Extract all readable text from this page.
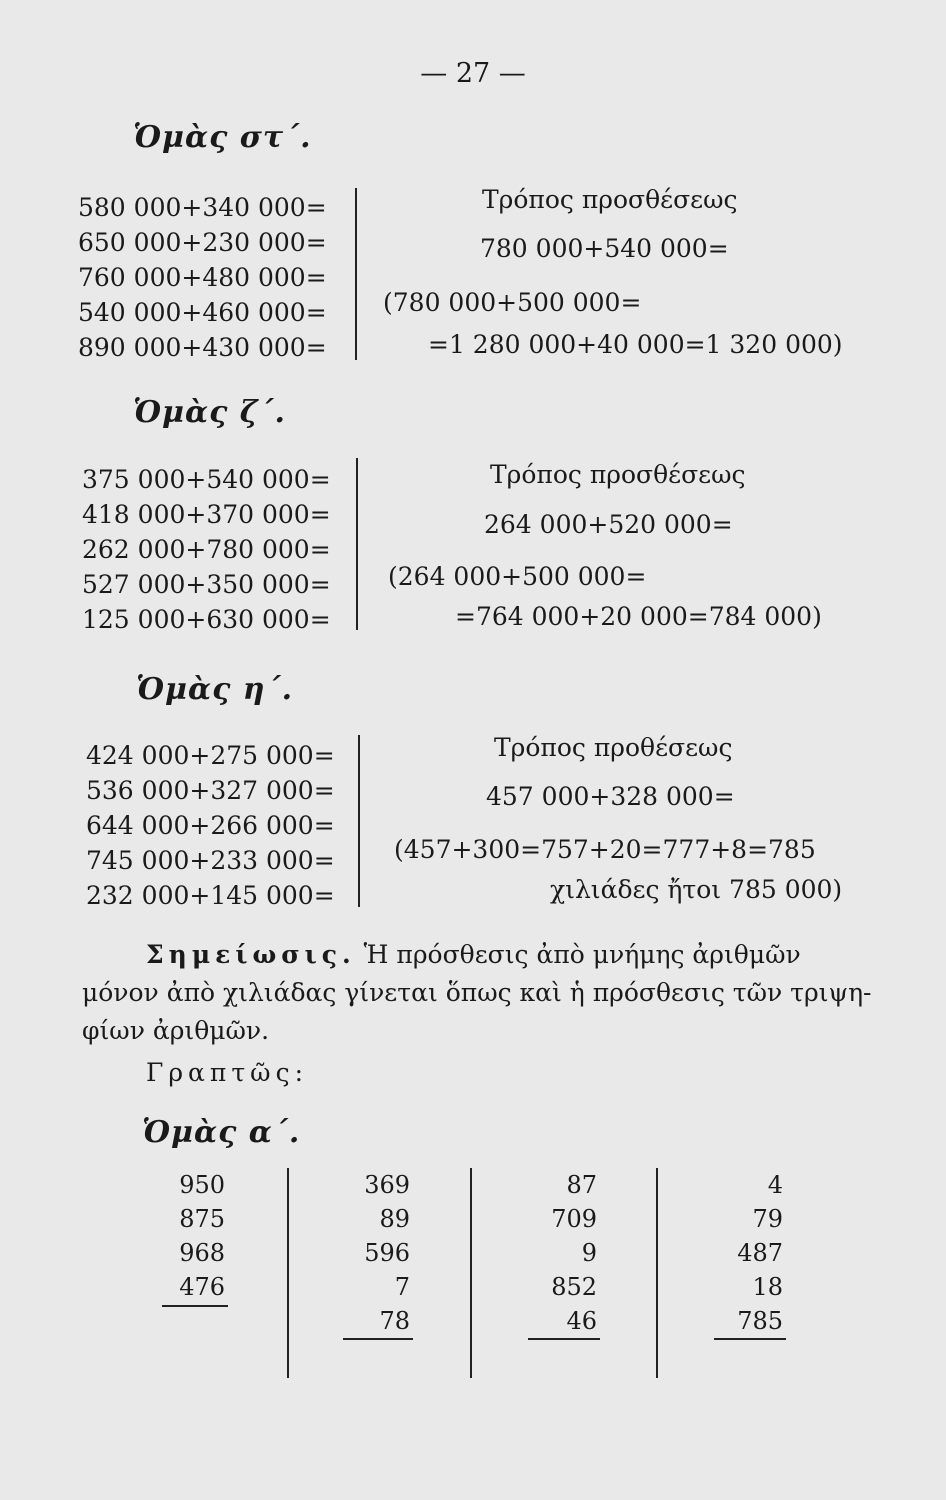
— 27 —
Ὁμὰς στ΄.
580 000+340 000=
650 000+230 000=
760 000+480 000=
540 000+460 000=
890 000+430 000=
Τρόπος προσθέσεως
780 000+540 000=
(780 000+500 000=
=1 280 000+40 000=1 320 000)
Ὁμὰς ζ΄.
375 000+540 000=
418 000+370 000=
262 000+780 000=
527 000+350 000=
125 000+630 000=
Τρόπος προσθέσεως
264 000+520 000=
(264 000+500 000=
=764 000+20 000=784 000)
Ὁμὰς η΄.
424 000+275 000=
536 000+327 000=
644 000+266 000=
745 000+233 000=
232 000+145 000=
Τρόπος προθέσεως
457 000+328 000=
(457+300=757+20=777+8=785
χιλιάδες ἤτοι 785 000)
Σημείωσις. Ἡ πρόσθεσις ἀπὸ μνήμης ἀριθμῶν
μόνον ἀπὸ χιλιάδας γίνεται ὅπως καὶ ἡ πρόσθεσις τῶν τριψη-
φίων ἀριθμῶν.
Γραπτῶς:
Ὁμὰς α΄.
950
875
968
476
369
89
596
7
78
87
709
9
852
46
4
79
487
18
785
